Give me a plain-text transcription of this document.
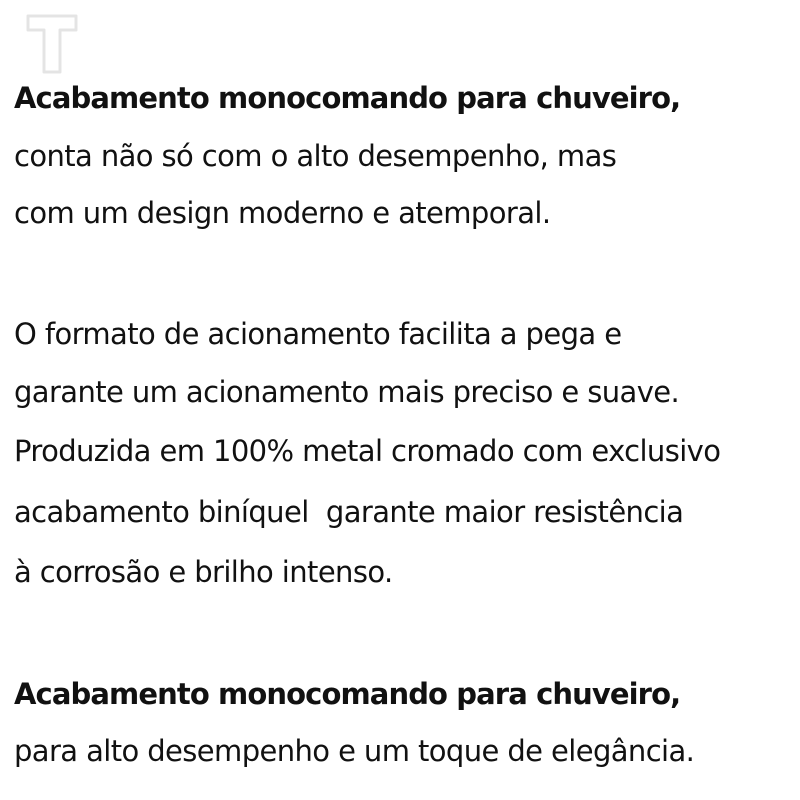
Acabamento monocomando para chuveiro,
conta não só com o alto desempenho, mas
com um design moderno e atemporal.
O formato de acionamento facilita a pega e
garante um acionamento mais preciso e suave.
Produzida em 100% metal cromado com exclusivo
acabamento biníquel  garante maior resistência
à corrosão e brilho intenso.
Acabamento monocomando para chuveiro,
para alto desempenho e um toque de elegância.
